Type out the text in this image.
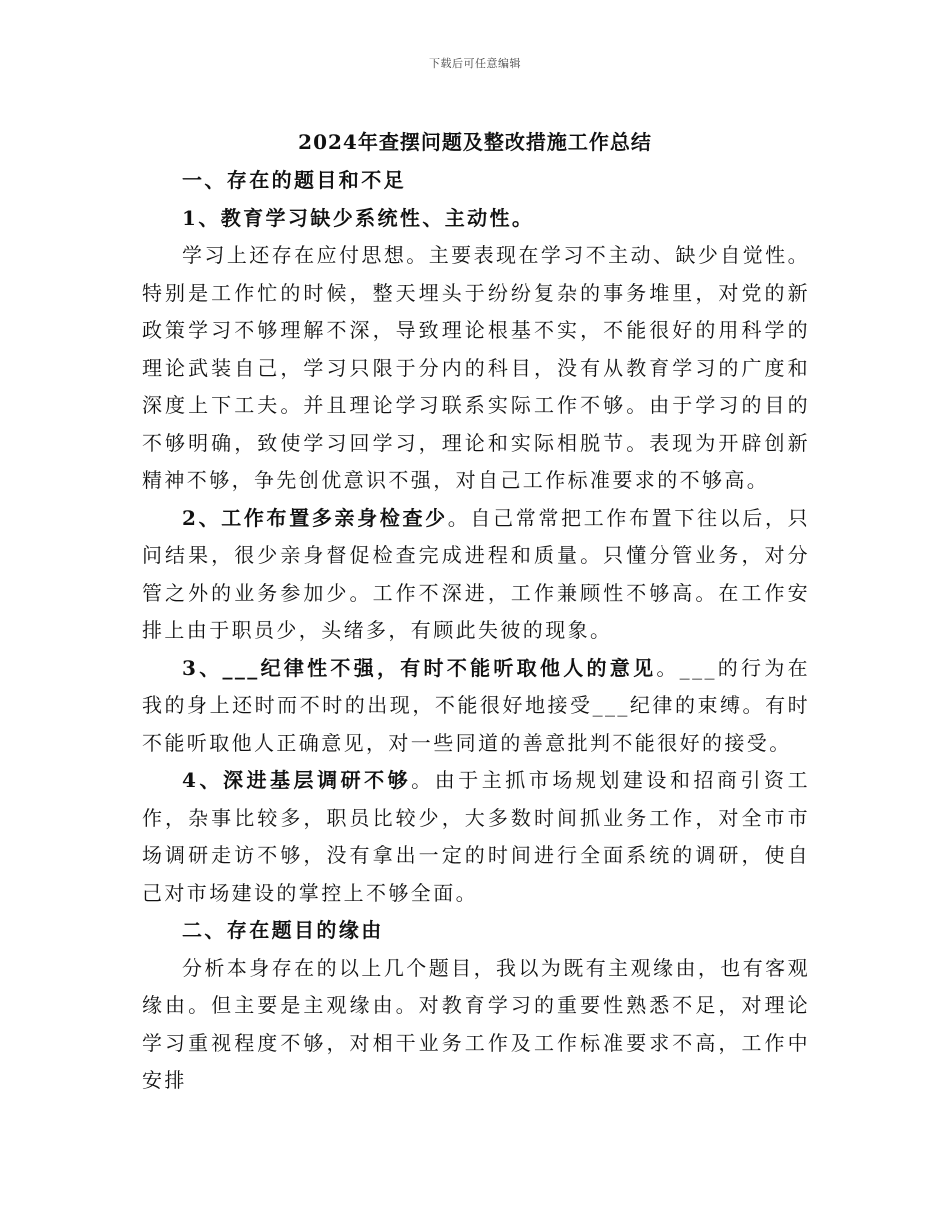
下载后可任意编辑
2024年查摆问题及整改措施工作总结

一、存在的题目和不足

1、教育学习缺少系统性、主动性。

学习上还存在应付思想。主要表现在学习不主动、缺少自觉性。特别是工作忙的时候，整天埋头于纷纷复杂的事务堆里，对党的新政策学习不够理解不深，导致理论根基不实，不能很好的用科学的理论武装自己，学习只限于分内的科目，没有从教育学习的广度和深度上下工夫。并且理论学习联系实际工作不够。由于学习的目的不够明确，致使学习回学习，理论和实际相脱节。表现为开辟创新精神不够，争先创优意识不强，对自己工作标准要求的不够高。

2、工作布置多亲身检查少。自己常常把工作布置下往以后，只问结果，很少亲身督促检查完成进程和质量。只懂分管业务，对分管之外的业务参加少。工作不深进，工作兼顾性不够高。在工作安排上由于职员少，头绪多，有顾此失彼的现象。

3、___纪律性不强，有时不能听取他人的意见。___的行为在我的身上还时而不时的出现，不能很好地接受___纪律的束缚。有时不能听取他人正确意见，对一些同道的善意批判不能很好的接受。

4、深进基层调研不够。由于主抓市场规划建设和招商引资工作，杂事比较多，职员比较少，大多数时间抓业务工作，对全市市场调研走访不够，没有拿出一定的时间进行全面系统的调研，使自己对市场建设的掌控上不够全面。

二、存在题目的缘由

分析本身存在的以上几个题目，我以为既有主观缘由，也有客观缘由。但主要是主观缘由。对教育学习的重要性熟悉不足，对理论学习重视程度不够，对相干业务工作及工作标准要求不高，工作中安排
